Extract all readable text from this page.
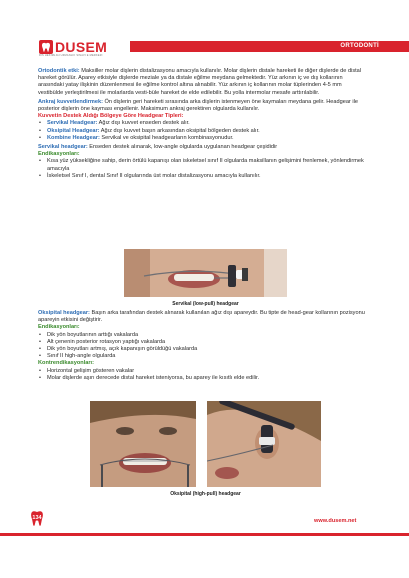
DUSEM
DIS HEKIMLIGI UZMANLIK SINAVI E MERKEZI
ORTODONTİ

Ortodontik etki: Maksiller molar dişlerin distalizasyonu amacıyla kullanılır. Molar dişlerin distale hareketi ile diğer dişlerde de distal hareket görülür. Aparey etkisiyle dişlerde meziale ya da distale eğilme meydana gelmektedir. Yüz arkının iç ve dış kollarının arasındaki yatay ilişkinin düzenlenmesi ile eğilme kontrol altına alınabilir. Yüz arkının iç kollarının molar tüplerinden 4-5 mm vestibülde yerleştirilmesi ile molarlarda vesti-büle hareket de elde edilebilir. Bu yolla intermolar mesafe arttırılabilir.

Ankraj kuvvetlendirmek: Ön dişlerin geri hareketi sırasında arka dişlerin istenmeyen öne kaymaları meydana gelir. Headgear ile posterior dişlerin öne kayması engellenir. Maksimum ankraj gerektiren olgularda kullanılır.

Kuvvetin Destek Aldığı Bölgeye Göre Headgear Tipleri:

• Servikal Headgear: Ağız dışı kuvvet enseden destek alır.
• Oksipital Headgear: Ağız dışı kuvvet başın arkasından oksipital bölgeden destek alır.
• Kombine Headgear: Servikal ve oksipital headgearların kombinasyonudur.

Servikal headgear: Enseden destek alınarak, low-angle olgularda uygulanan headgear çeşididir

Endikasyonları:

• Kısa yüz yüksekliğine sahip, derin örtülü kapanışı olan iskeletsel sınıf II olgularda maksillanın gelişimini frenlemek, yönlendirmek amacıyla
• İskeletsel Sınıf I, dental Sınıf II olgularında üst molar distalizasyonu amacıyla kullanılır.
Servikal (low-pull) headgear

Oksipital headgear: Başın arka tarafından destek alınarak kullanılan ağız dışı apareydir. Bu tipte de head-gear kollarının pozisyonu apareyin etkisini değiştirir.

Endikasyonları:

• Dik yön boyutlarının arttığı vakalarda
• Alt çenenin posterior rotasyon yaptığı vakalarda
• Dik yön boyutları artmış, açık kapanışın görüldüğü vakalarda
• Sınıf II high-angle olgularda

Kontrendikasyonları:

• Horizontal gelişim gösteren vakalar
• Molar dişlerde aşırı derecede distal hareket isteniyorsa, bu aparey ile kısıtlı elde edilir.
Oksipital (high-pull) headgear
134	www.dusem.net
